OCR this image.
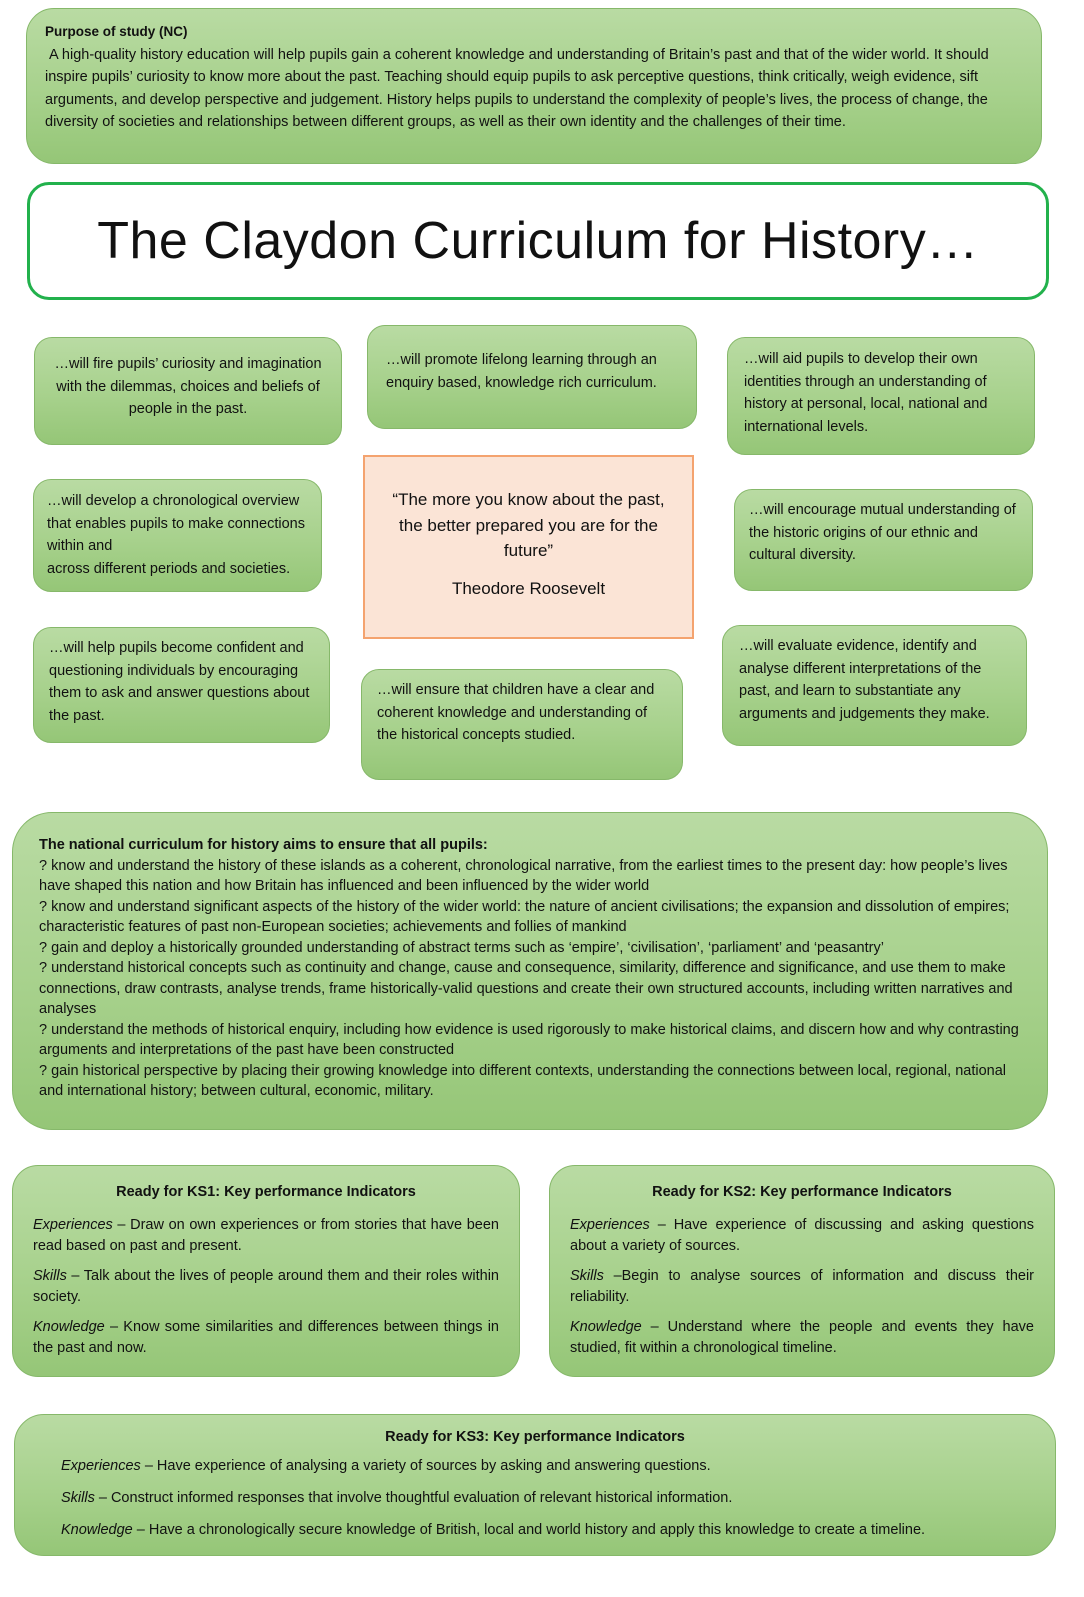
Purpose of study (NC)
A high-quality history education will help pupils gain a coherent knowledge and understanding of Britain’s past and that of the wider world. It should inspire pupils’ curiosity to know more about the past. Teaching should equip pupils to ask perceptive questions, think critically, weigh evidence, sift arguments, and develop perspective and judgement. History helps pupils to understand the complexity of people’s lives, the process of change, the diversity of societies and relationships between different groups, as well as their own identity and the challenges of their time.
The Claydon Curriculum for History…
…will fire pupils’ curiosity and imagination with the dilemmas, choices and beliefs of people in the past.
…will promote lifelong learning through an enquiry based, knowledge rich curriculum.
…will aid pupils to develop their own identities through an understanding of history at personal, local, national and international levels.
…will develop a chronological overview that enables pupils to make connections within and
across different periods and societies.
“The more you know about the past, the better prepared you are for the future”
Theodore Roosevelt
…will encourage mutual understanding of the historic origins of our ethnic and cultural diversity.
…will help pupils become confident and questioning individuals by encouraging them to ask and answer questions about the past.
…will ensure that children have a clear and coherent knowledge and understanding of the historical concepts studied.
…will evaluate evidence, identify and analyse different interpretations of the past, and learn to substantiate any arguments and judgements they make.
The national curriculum for history aims to ensure that all pupils:
? know and understand the history of these islands as a coherent, chronological narrative, from the earliest times to the present day: how people’s lives have shaped this nation and how Britain has influenced and been influenced by the wider world
? know and understand significant aspects of the history of the wider world: the nature of ancient civilisations; the expansion and dissolution of empires; characteristic features of past non-European societies; achievements and follies of mankind
? gain and deploy a historically grounded understanding of abstract terms such as ‘empire’, ‘civilisation’, ‘parliament’ and ‘peasantry’
? understand historical concepts such as continuity and change, cause and consequence, similarity, difference and significance, and use them to make connections, draw contrasts, analyse trends, frame historically-valid questions and create their own structured accounts, including written narratives and analyses
? understand the methods of historical enquiry, including how evidence is used rigorously to make historical claims, and discern how and why contrasting arguments and interpretations of the past have been constructed
? gain historical perspective by placing their growing knowledge into different contexts, understanding the connections between local, regional, national and international history; between cultural, economic, military.
Ready for KS1: Key performance Indicators

Experiences – Draw on own experiences or from stories that have been           read based on past and present.

Skills – Talk about the lives of people around them and their roles within society.

Knowledge – Know some similarities and differences between things in the past and now.

Ready for KS2: Key performance Indicators

Experiences – Have experience of discussing and asking questions about a variety of sources.

Skills –Begin to analyse sources of information and discuss their reliability.

Knowledge – Understand where the people and events they have studied, fit within a chronological timeline.

Ready for KS3: Key performance Indicators

Experiences – Have experience of analysing a variety of sources by asking and answering questions.

Skills – Construct informed responses that involve thoughtful evaluation of relevant historical information.

Knowledge – Have a chronologically secure knowledge of British, local and world history and apply this knowledge to create a timeline.
